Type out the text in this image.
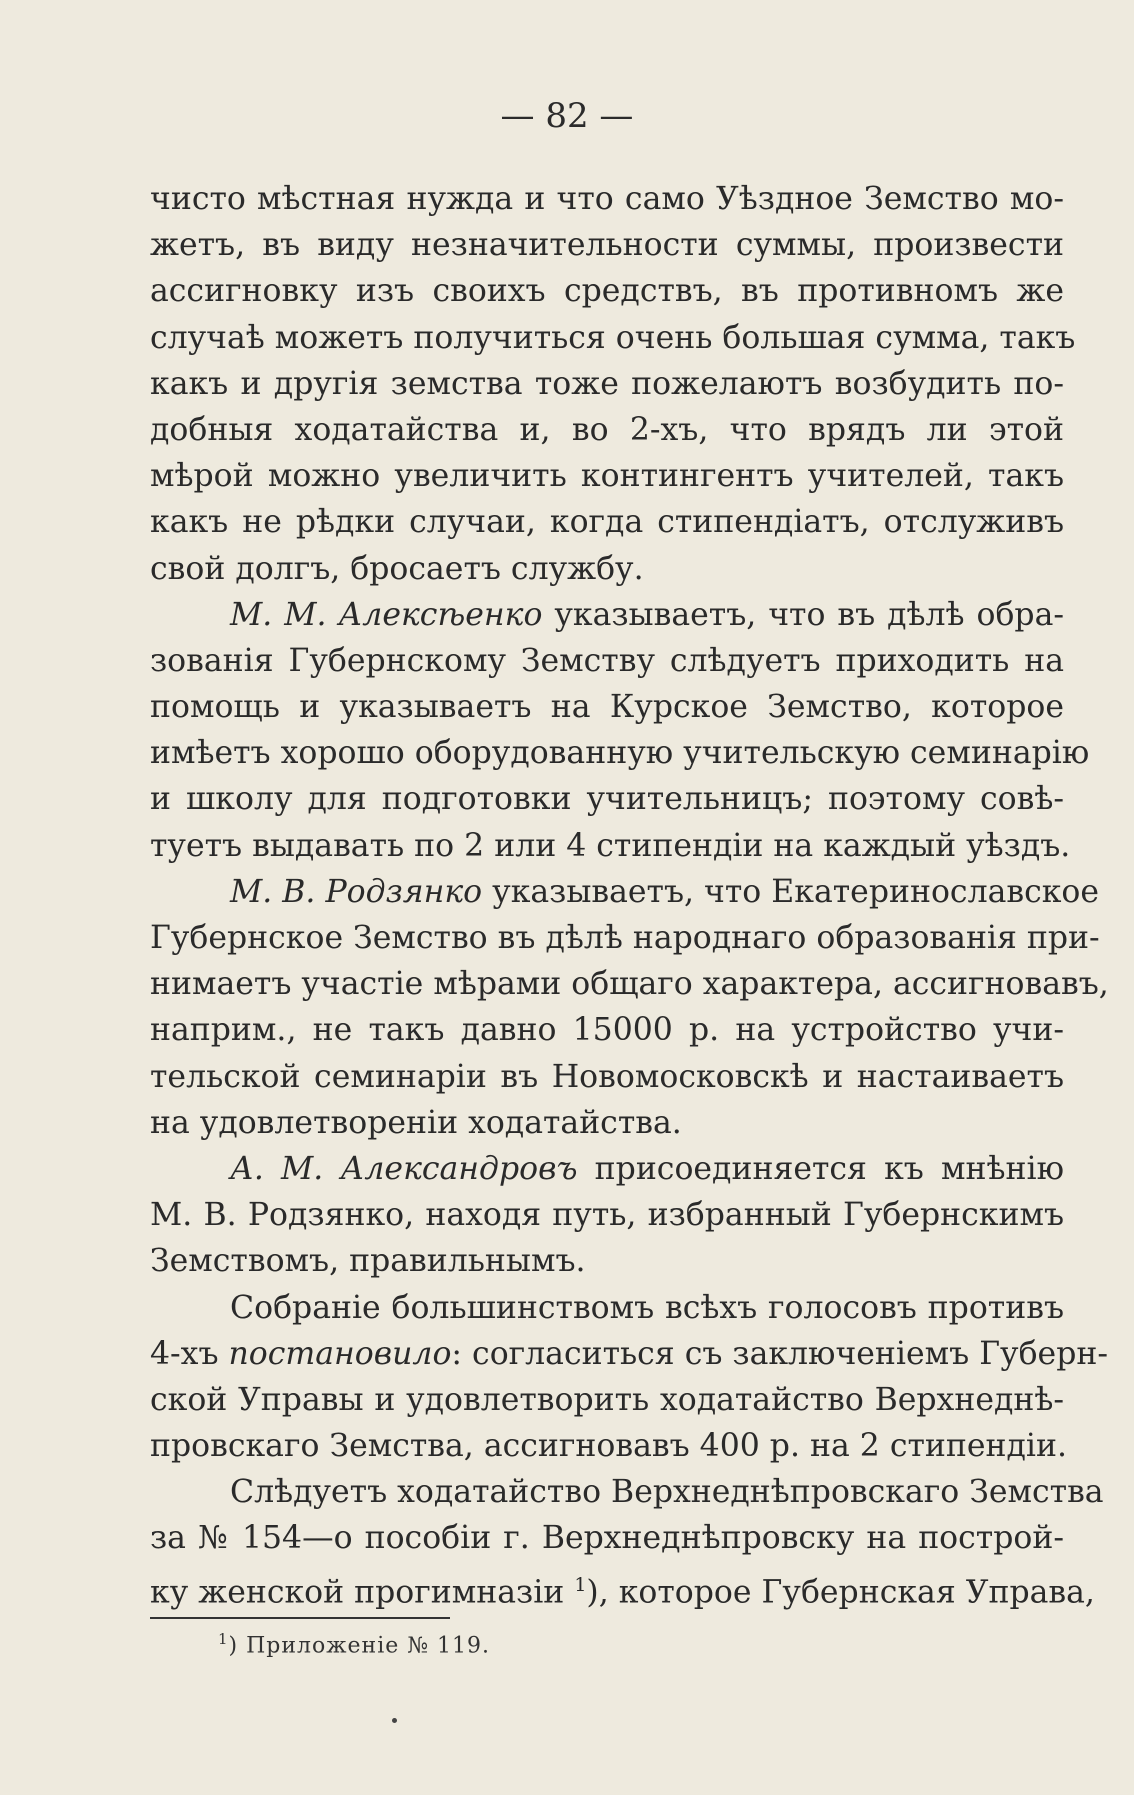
— 82 —
чисто мѣстная нужда и что само Уѣздное Земство мо-
жетъ, въ виду незначительности суммы, произвести
ассигновку изъ своихъ средствъ, въ противномъ же
случаѣ можетъ получиться очень большая сумма, такъ
какъ и другія земства тоже пожелаютъ возбудить по-
добныя ходатайства и, во 2-хъ, что врядъ ли этой
мѣрой можно увеличить контингентъ учителей, такъ
какъ не рѣдки случаи, когда стипендіатъ, отслуживъ
свой долгъ, бросаетъ службу.
М. М. Алексѣенко указываетъ, что въ дѣлѣ обра-
зованія Губернскому Земству слѣдуетъ приходить на
помощь и указываетъ на Курское Земство, которое
имѣетъ хорошо оборудованную учительскую семинарію
и школу для подготовки учительницъ; поэтому совѣ-
туетъ выдавать по 2 или 4 стипендіи на каждый уѣздъ.
М. В. Родзянко указываетъ, что Екатеринославское
Губернское Земство въ дѣлѣ народнаго образованія при-
нимаетъ участіе мѣрами общаго характера, ассигновавъ,
наприм., не такъ давно 15000 р. на устройство учи-
тельской семинаріи въ Новомосковскѣ и настаиваетъ
на удовлетвореніи ходатайства.
А. М. Александровъ присоединяется къ мнѣнію
М. В. Родзянко, находя путь, избранный Губернскимъ
Земствомъ, правильнымъ.
Собраніе большинствомъ всѣхъ голосовъ противъ
4-хъ постановило: согласиться съ заключеніемъ Губерн-
ской Управы и удовлетворить ходатайство Верхнеднѣ-
провскаго Земства, ассигновавъ 400 р. на 2 стипендіи.
Слѣдуетъ ходатайство Верхнеднѣпровскаго Земства
за № 154—о пособіи г. Верхнеднѣпровску на построй-
ку женской прогимназіи $^1$), которое Губернская Управа,
$^1$) Приложеніе № 119.
